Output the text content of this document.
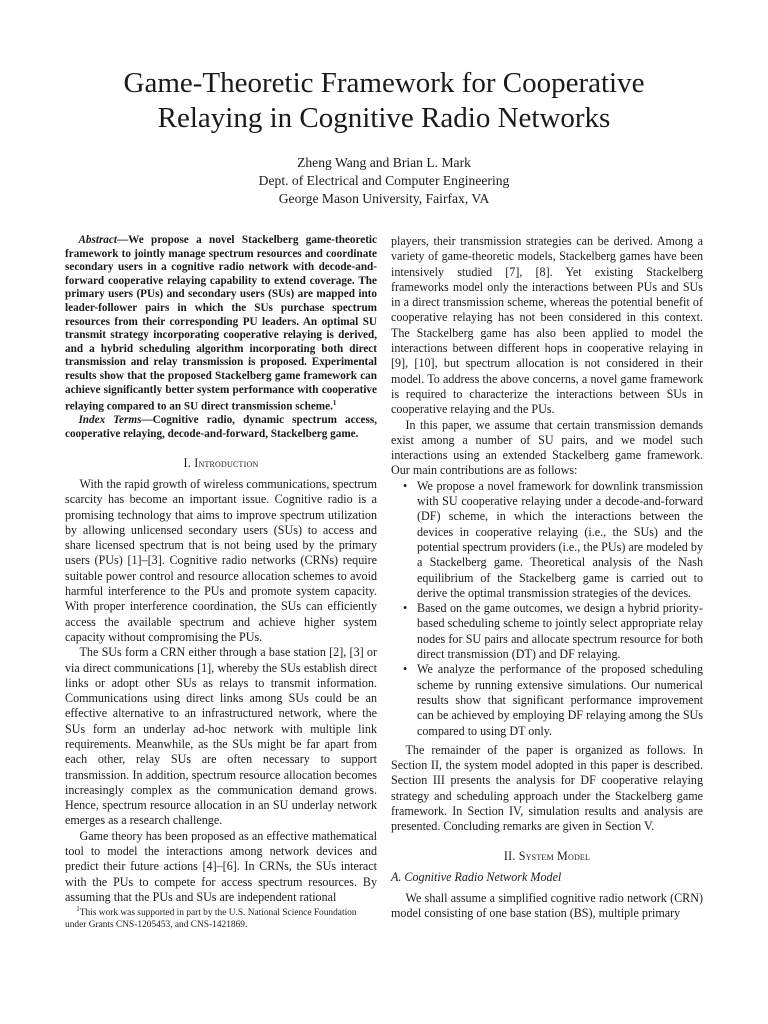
Game-Theoretic Framework for Cooperative
Relaying in Cognitive Radio Networks
Zheng Wang and Brian L. Mark
Dept. of Electrical and Computer Engineering
George Mason University, Fairfax, VA

Abstract—We propose a novel Stackelberg game-theoretic framework to jointly manage spectrum resources and coordinate secondary users in a cognitive radio network with decode-and-forward cooperative relaying capability to extend coverage. The primary users (PUs) and secondary users (SUs) are mapped into leader-follower pairs in which the SUs purchase spectrum resources from their corresponding PU leaders. An optimal SU transmit strategy incorporating cooperative relaying is derived, and a hybrid scheduling algorithm incorporating both direct transmission and relay transmission is proposed. Experimental results show that the proposed Stackelberg game framework can achieve significantly better system performance with cooperative relaying compared to an SU direct transmission scheme.$^1$

Index Terms—Cognitive radio, dynamic spectrum access, cooperative relaying, decode-and-forward, Stackelberg game.

I. Introduction

With the rapid growth of wireless communications, spectrum scarcity has become an important issue. Cognitive radio is a promising technology that aims to improve spectrum utilization by allowing unlicensed secondary users (SUs) to access and share licensed spectrum that is not being used by the primary users (PUs) [1]–[3]. Cognitive radio networks (CRNs) require suitable power control and resource allocation schemes to avoid harmful interference to the PUs and promote system capacity. With proper interference coordination, the SUs can efficiently access the available spectrum and achieve higher system capacity without compromising the PUs.

The SUs form a CRN either through a base station [2], [3] or via direct communications [1], whereby the SUs establish direct links or adopt other SUs as relays to transmit information. Communications using direct links among SUs could be an effective alternative to an infrastructured network, where the SUs form an underlay ad-hoc network with multiple link requirements. Meanwhile, as the SUs might be far apart from each other, relay SUs are often necessary to support transmission. In addition, spectrum resource allocation becomes increasingly complex as the communication demand grows. Hence, spectrum resource allocation in an SU underlay network emerges as a research challenge.

Game theory has been proposed as an effective mathematical tool to model the interactions among network devices and predict their future actions [4]–[6]. In CRNs, the SUs interact with the PUs to compete for access spectrum resources. By assuming that the PUs and SUs are independent rational

$^1$This work was supported in part by the U.S. National Science Foundation under Grants CNS-1205453, and CNS-1421869.

players, their transmission strategies can be derived. Among a variety of game-theoretic models, Stackelberg games have been intensively studied [7], [8]. Yet existing Stackelberg frameworks model only the interactions between PUs and SUs in a direct transmission scheme, whereas the potential benefit of cooperative relaying has not been considered in this context. The Stackelberg game has also been applied to model the interactions between different hops in cooperative relaying in [9], [10], but spectrum allocation is not considered in their model. To address the above concerns, a novel game framework is required to characterize the interactions between SUs in cooperative relaying and the PUs.

In this paper, we assume that certain transmission demands exist among a number of SU pairs, and we model such interactions using an extended Stackelberg game framework. Our main contributions are as follows:

• We propose a novel framework for downlink transmission with SU cooperative relaying under a decode-and-forward (DF) scheme, in which the interactions between the devices in cooperative relaying (i.e., the SUs) and the potential spectrum providers (i.e., the PUs) are modeled by a Stackelberg game. Theoretical analysis of the Nash equilibrium of the Stackelberg game is carried out to derive the optimal transmission strategies of the devices.
• Based on the game outcomes, we design a hybrid priority-based scheduling scheme to jointly select appropriate relay nodes for SU pairs and allocate spectrum resource for both direct transmission (DT) and DF relaying.
• We analyze the performance of the proposed scheduling scheme by running extensive simulations. Our numerical results show that significant performance improvement can be achieved by employing DF relaying among the SUs compared to using DT only.

The remainder of the paper is organized as follows. In Section II, the system model adopted in this paper is described. Section III presents the analysis for DF cooperative relaying strategy and scheduling approach under the Stackelberg game framework. In Section IV, simulation results and analysis are presented. Concluding remarks are given in Section V.

II. System Model
A. Cognitive Radio Network Model

We shall assume a simplified cognitive radio network (CRN) model consisting of one base station (BS), multiple primary
